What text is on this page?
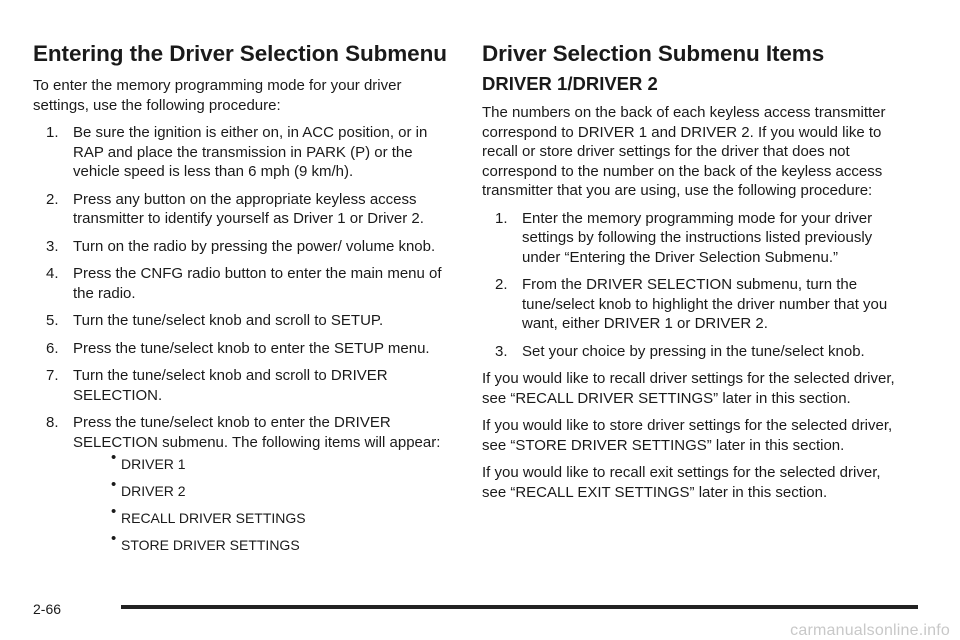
Entering the Driver Selection Submenu

To enter the memory programming mode for your driver settings, use the following procedure:

1. Be sure the ignition is either on, in ACC position, or in RAP and place the transmission in PARK (P) or the vehicle speed is less than 6 mph (9 km/h).
2. Press any button on the appropriate keyless access transmitter to identify yourself as Driver 1 or Driver 2.
3. Turn on the radio by pressing the power/ volume knob.
4. Press the CNFG radio button to enter the main menu of the radio.
5. Turn the tune/select knob and scroll to SETUP.
6. Press the tune/select knob to enter the SETUP menu.
7. Turn the tune/select knob and scroll to DRIVER SELECTION.
8. Press the tune/select knob to enter the DRIVER SELECTION submenu. The following items will appear:
• DRIVER 1
• DRIVER 2
• RECALL DRIVER SETTINGS
• STORE DRIVER SETTINGS
Driver Selection Submenu Items
DRIVER 1/DRIVER 2

The numbers on the back of each keyless access transmitter correspond to DRIVER 1 and DRIVER 2. If you would like to recall or store driver settings for the driver that does not correspond to the number on the back of the keyless access transmitter that you are using, use the following procedure:

1. Enter the memory programming mode for your driver settings by following the instructions listed previously under “Entering the Driver Selection Submenu.”
2. From the DRIVER SELECTION submenu, turn the tune/select knob to highlight the driver number that you want, either DRIVER 1 or DRIVER 2.
3. Set your choice by pressing in the tune/select knob.

If you would like to recall driver settings for the selected driver, see “RECALL DRIVER SETTINGS” later in this section.

If you would like to store driver settings for the selected driver, see “STORE DRIVER SETTINGS” later in this section.

If you would like to recall exit settings for the selected driver, see “RECALL EXIT SETTINGS” later in this section.

2-66
carmanualsonline.info
